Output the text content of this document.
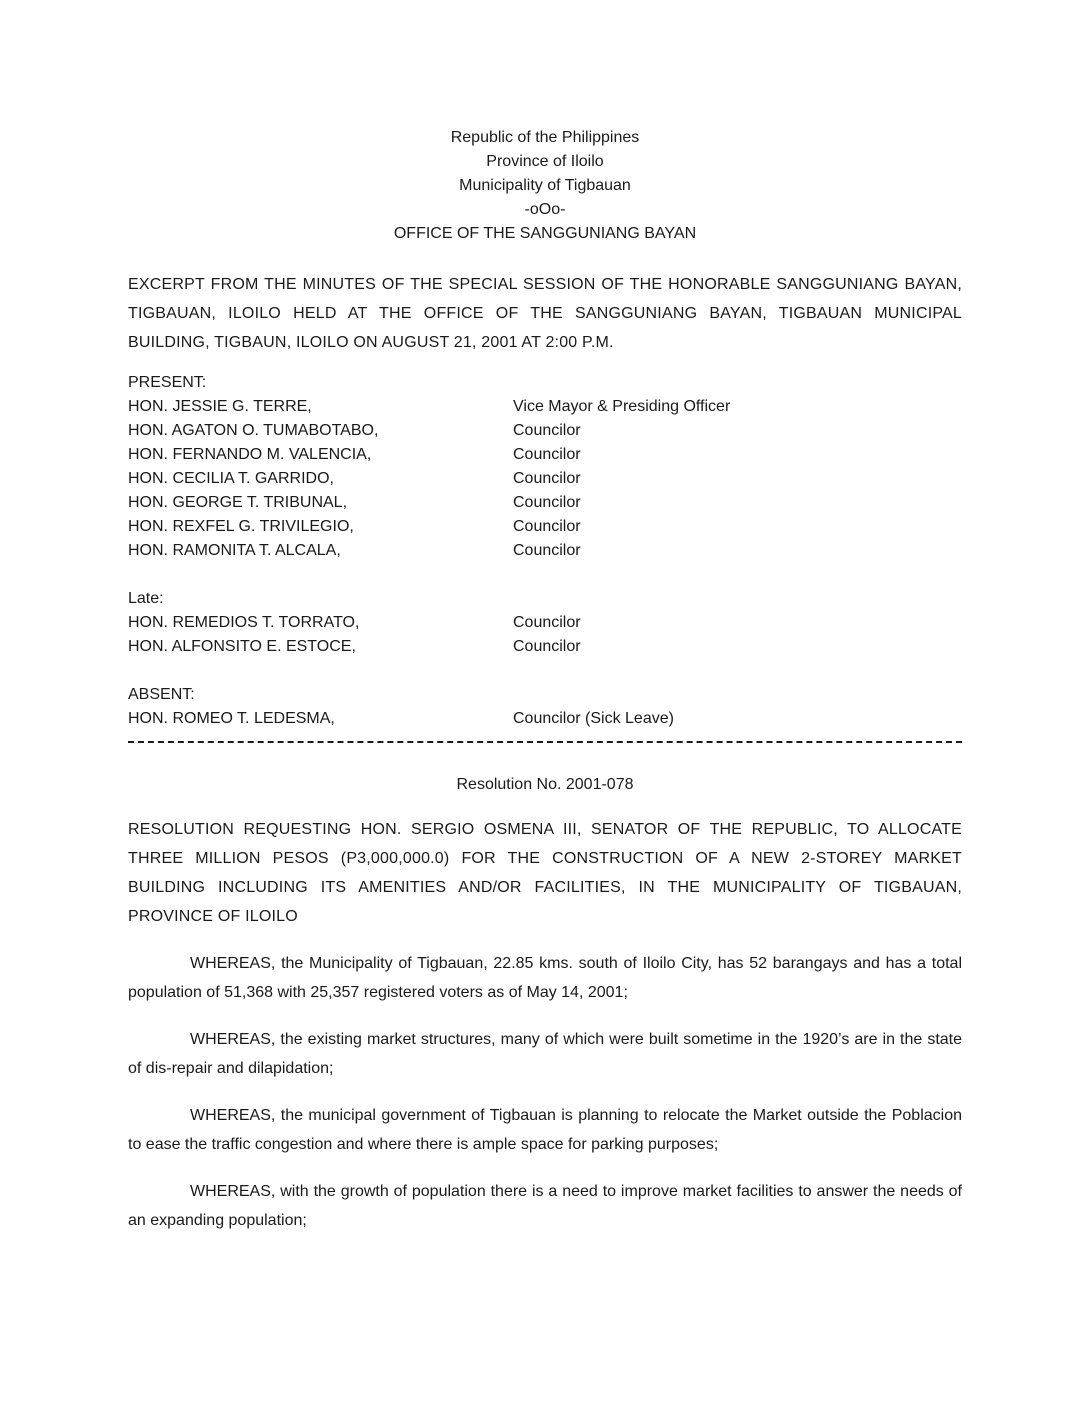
Republic of the Philippines
Province of Iloilo
Municipality of Tigbauan
-oOo-
OFFICE OF THE SANGGUNIANG BAYAN

EXCERPT FROM THE MINUTES OF THE SPECIAL SESSION OF THE HONORABLE SANGGUNIANG BAYAN, TIGBAUAN, ILOILO HELD AT THE OFFICE OF THE SANGGUNIANG BAYAN, TIGBAUAN MUNICIPAL BUILDING, TIGBAUN, ILOILO ON AUGUST 21, 2001 AT 2:00 P.M.

PRESENT:
HON. JESSIE G. TERRE,	Vice Mayor & Presiding Officer
HON. AGATON O. TUMABOTABO,	Councilor
HON. FERNANDO M. VALENCIA,	Councilor
HON. CECILIA T. GARRIDO,	Councilor
HON. GEORGE T. TRIBUNAL,	Councilor
HON. REXFEL G. TRIVILEGIO,	Councilor
HON. RAMONITA T. ALCALA,	Councilor
Late:
HON. REMEDIOS T. TORRATO,	Councilor
HON. ALFONSITO E. ESTOCE,	Councilor
ABSENT:
HON. ROMEO T. LEDESMA,	Councilor (Sick Leave)
Resolution No. 2001-078

RESOLUTION REQUESTING HON. SERGIO OSMENA III, SENATOR OF THE REPUBLIC, TO ALLOCATE THREE MILLION PESOS (P3,000,000.0) FOR THE CONSTRUCTION OF A NEW 2-STOREY MARKET BUILDING INCLUDING ITS AMENITIES AND/OR FACILITIES, IN THE MUNICIPALITY OF TIGBAUAN, PROVINCE OF ILOILO

WHEREAS, the Municipality of Tigbauan, 22.85 kms. south of Iloilo City, has 52 barangays and has a total population of 51,368 with 25,357 registered voters as of May 14, 2001;

WHEREAS, the existing market structures, many of which were built sometime in the 1920’s are in the state of dis-repair and dilapidation;

WHEREAS, the municipal government of Tigbauan is planning to relocate the Market outside the Poblacion to ease the traffic congestion and where there is ample space for parking purposes;

WHEREAS, with the growth of population there is a need to improve market facilities to answer the needs of an expanding population;
